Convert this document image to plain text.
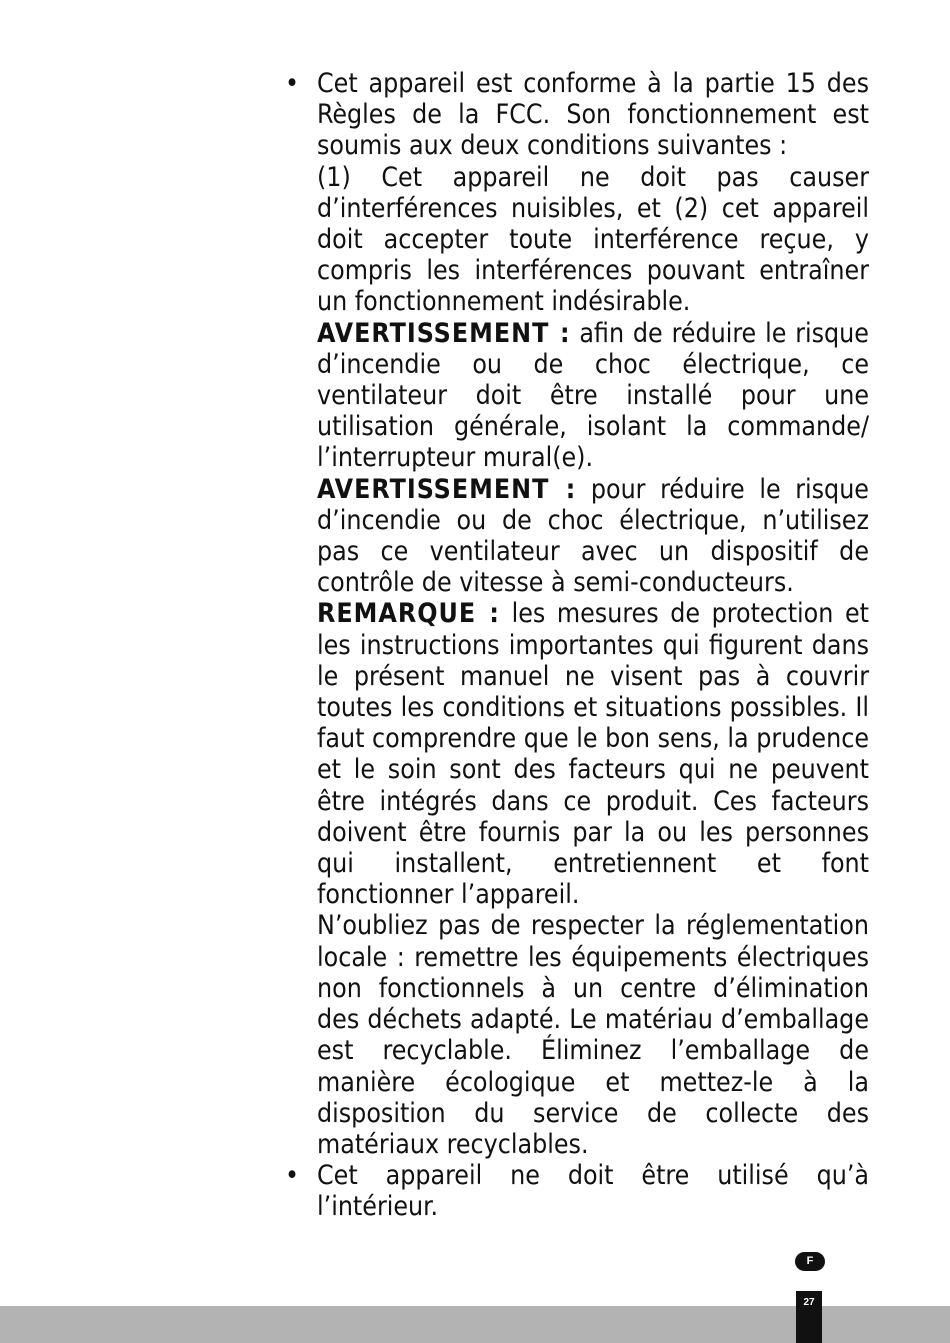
• Cet appareil est conforme à la partie 15 des Règles de la FCC. Son fonctionnement est soumis aux deux conditions suivantes :

(1) Cet appareil ne doit pas causer d’interférences nuisibles, et (2) cet appareil doit accepter toute interférence reçue, y compris les interférences pouvant entraîner un fonctionnement indésirable.

AVERTISSEMENT : afin de réduire le risque d’incendie ou de choc électrique, ce ventilateur doit être installé pour une utilisation générale, isolant la commande/ l’interrupteur mural(e).

AVERTISSEMENT : pour réduire le risque d’incendie ou de choc électrique, n’utilisez pas ce ventilateur avec un dispositif de contrôle de vitesse à semi-conducteurs.

REMARQUE : les mesures de protection et les instructions importantes qui figurent dans le présent manuel ne visent pas à couvrir toutes les conditions et situations possibles. Il faut comprendre que le bon sens, la prudence et le soin sont des facteurs qui ne peuvent être intégrés dans ce produit. Ces facteurs doivent être fournis par la ou les personnes qui installent, entretiennent et font fonctionner l’appareil.

N’oubliez pas de respecter la réglementation locale : remettre les équipements électriques non fonctionnels à un centre d’élimination des déchets adapté. Le matériau d’emballage est recyclable. Éliminez l’emballage de manière écologique et mettez-le à la disposition du service de collecte des matériaux recyclables.

• Cet appareil ne doit être utilisé qu’à l’intérieur.

F
27
